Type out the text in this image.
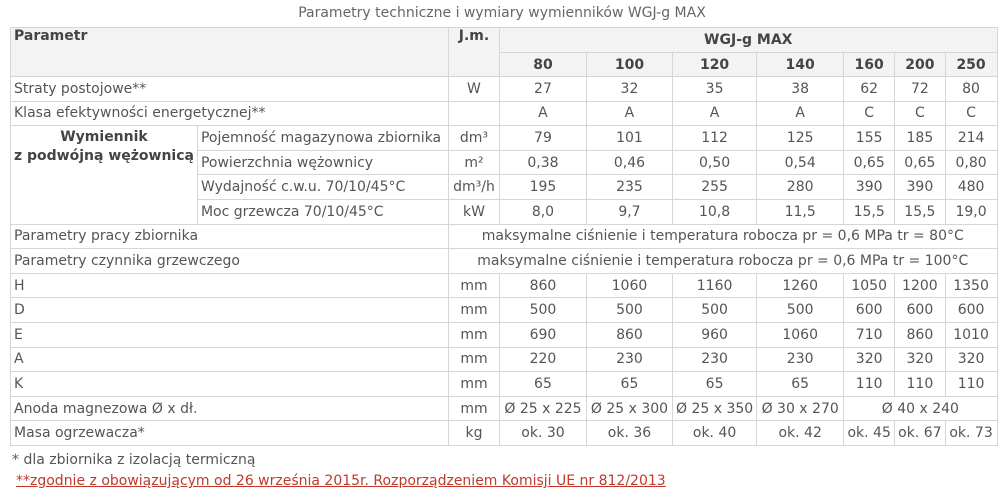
Parametry techniczne i wymiary wymienników WGJ-g MAX
Parametr		J.m.	WGJ-g MAX						
			80	100	120	140	160	200	250
Straty postojowe**		W	27	32	35	38	62	72	80
Klasa efektywności energetycznej**			A	A	A	A	C	C	C

Wymiennik
z podwójną wężownicą	Pojemność magazynowa zbiornika	dm³	79	101	112	125	155	185	214
	Powierzchnia wężownicy	m²	0,38	0,46	0,50	0,54	0,65	0,65	0,80
	Wydajność c.w.u. 70/10/45°C	dm³/h	195	235	255	280	390	390	480
	Moc grzewcza 70/10/45°C	kW	8,0	9,7	10,8	11,5	15,5	15,5	19,0
Parametry pracy zbiornika		maksymalne ciśnienie i temperatura robocza pr = 0,6 MPa tr = 80°C							
Parametry czynnika grzewczego		maksymalne ciśnienie i temperatura robocza pr = 0,6 MPa tr = 100°C							
H		mm	860	1060	1160	1260	1050	1200	1350
D		mm	500	500	500	500	600	600	600
E		mm	690	860	960	1060	710	860	1010
A		mm	220	230	230	230	320	320	320
K		mm	65	65	65	65	110	110	110
Anoda magnezowa Ø x dł.		mm	Ø 25 x 225	Ø 25 x 300	Ø 25 x 350	Ø 30 x 270	Ø 40 x 240		
Masa ogrzewacza*		kg	ok. 30	ok. 36	ok. 40	ok. 42	ok. 45	ok. 67	ok. 73
* dla zbiornika z izolacją termiczną
**zgodnie z obowiązującym od 26 września 2015r. Rozporządzeniem Komisji UE nr 812/2013
